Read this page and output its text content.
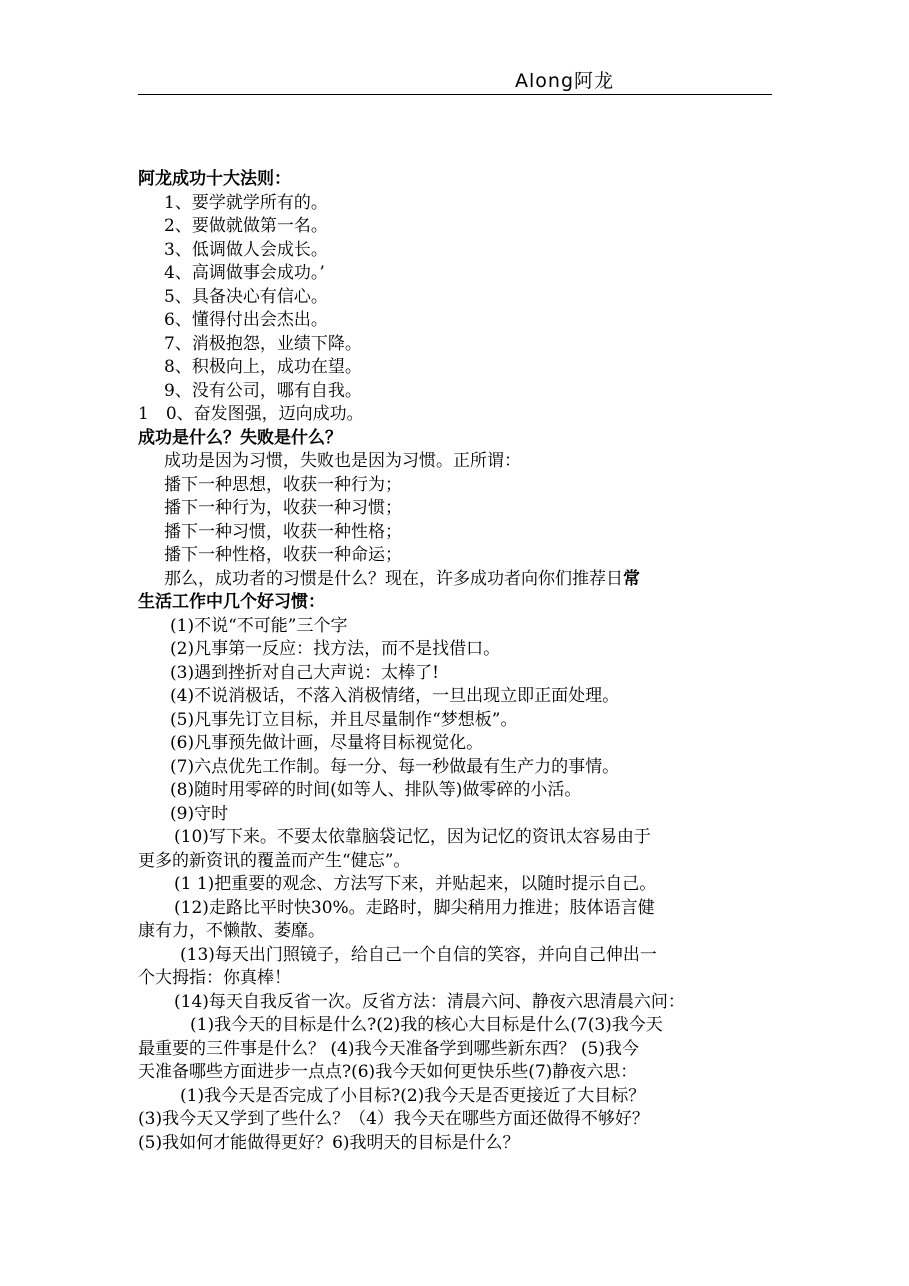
Along阿龙
阿龙成功十大法则：
1、要学就学所有的。
2、要做就做第一名。
3、低调做人会成长。
4、高调做事会成功。’
5、具备决心有信心。
6、懂得付出会杰出。
7、消极抱怨，业绩下降。
8、积极向上，成功在望。
9、没有公司，哪有自我。
1　0、奋发图强，迈向成功。
成功是什么？失败是什么？
成功是因为习惯，失败也是因为习惯。正所谓：
播下一种思想，收获一种行为；
播下一种行为，收获一种习惯；
播下一种习惯，收获一种性格；
播下一种性格，收获一种命运；
那么，成功者的习惯是什么？现在，许多成功者向你们推荐日常
生活工作中几个好习惯：
(1)不说“不可能”三个字
(2)凡事第一反应：找方法，而不是找借口。
(3)遇到挫折对自己大声说：太棒了!
(4)不说消极话，不落入消极情绪，一旦出现立即正面处理。
(5)凡事先订立目标，并且尽量制作“梦想板”。
(6)凡事预先做计画，尽量将目标视觉化。
(7)六点优先工作制。每一分、每一秒做最有生产力的事情。
(8)随时用零碎的时间(如等人、排队等)做零碎的小活。
(9)守时
(10)写下来。不要太依靠脑袋记忆，因为记忆的资讯太容易由于
更多的新资讯的覆盖而产生“健忘”。
(1 1)把重要的观念、方法写下来，并贴起来，以随时提示自己。
(12)走路比平时快30%。走路时，脚尖稍用力推进；肢体语言健
康有力，不懒散、萎靡。
(13)每天出门照镜子，给自己一个自信的笑容，并向自己伸出一
个大拇指：你真棒！
(14)每天自我反省一次。反省方法：清晨六问、静夜六思清晨六问：
(1)我今天的目标是什么?(2)我的核心大目标是什么(7(3)我今天
最重要的三件事是什么？ (4)我今天准备学到哪些新东西？ (5)我今
天准备哪些方面进步一点点?(6)我今天如何更快乐些(7)静夜六思：
(1)我今天是否完成了小目标?(2)我今天是否更接近了大目标？
(3)我今天又学到了些什么？（4）我今天在哪些方面还做得不够好？
(5)我如何才能做得更好？6)我明天的目标是什么？
